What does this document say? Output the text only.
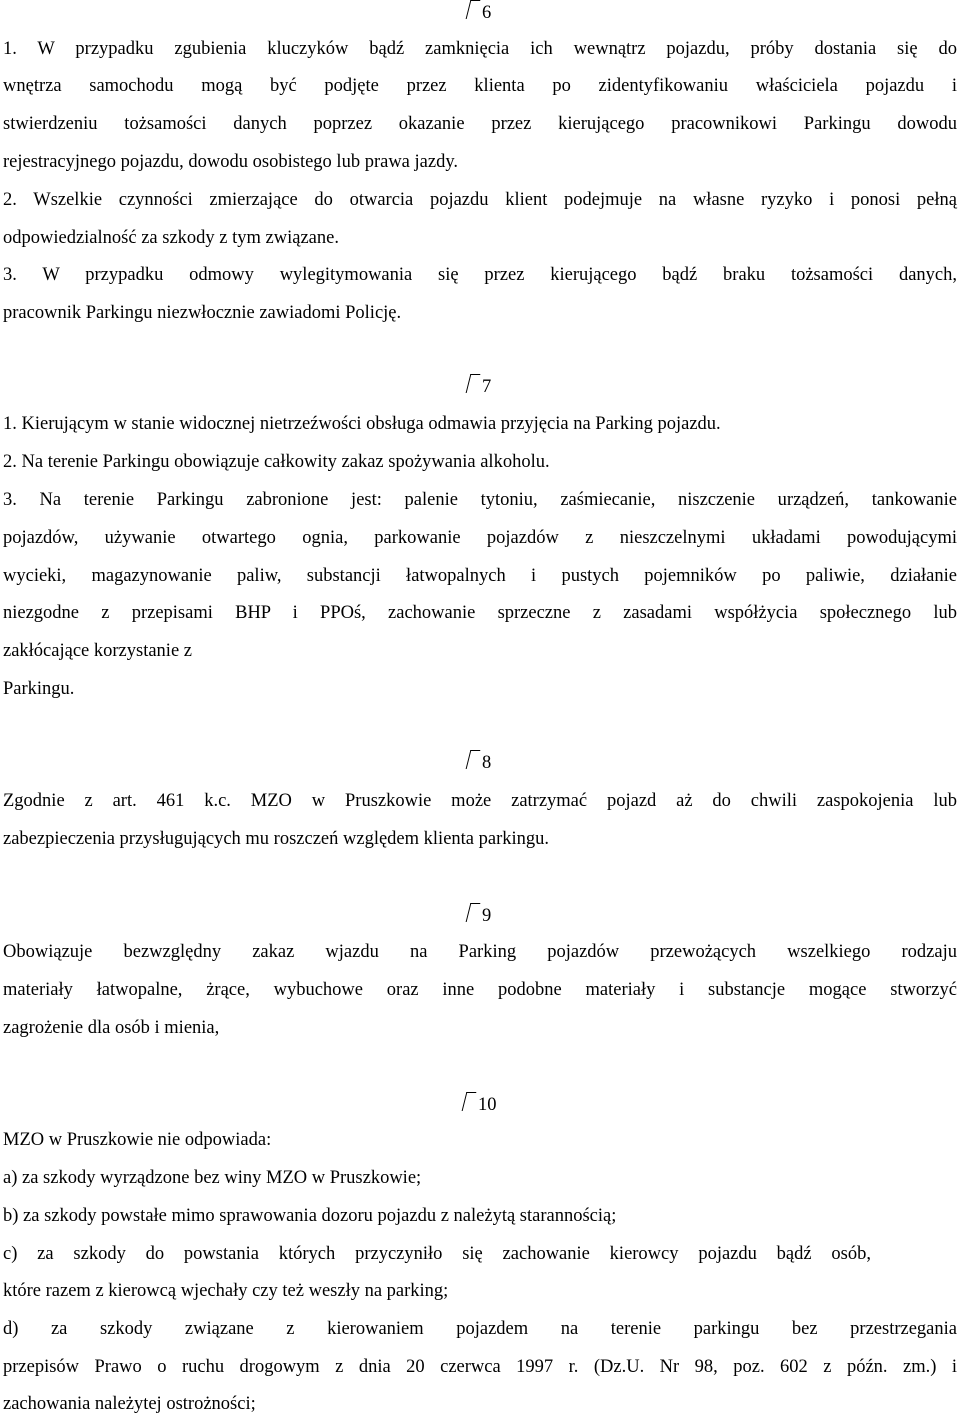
6
1. W przypadku zgubienia kluczyków bądź zamknięcia ich wewnątrz pojazdu, próby dostania się do
wnętrza samochodu mogą być podjęte przez klienta po zidentyfikowaniu właściciela pojazdu i
stwierdzeniu tożsamości danych poprzez okazanie przez kierującego pracownikowi Parkingu dowodu
rejestracyjnego pojazdu, dowodu osobistego lub prawa jazdy.
2. Wszelkie czynności zmierzające do otwarcia pojazdu klient podejmuje na własne ryzyko i ponosi pełną
odpowiedzialność za szkody z tym związane.
3. W przypadku odmowy wylegitymowania się przez kierującego bądź braku tożsamości danych,
pracownik Parkingu niezwłocznie zawiadomi Policję.
7
1. Kierującym w stanie widocznej nietrzeźwości obsługa odmawia przyjęcia na Parking pojazdu.
2. Na terenie Parkingu obowiązuje całkowity zakaz spożywania alkoholu.
3. Na terenie Parkingu zabronione jest: palenie tytoniu, zaśmiecanie, niszczenie urządzeń, tankowanie
pojazdów, używanie otwartego ognia, parkowanie pojazdów z nieszczelnymi układami powodującymi
wycieki, magazynowanie paliw, substancji łatwopalnych i pustych pojemników po paliwie, działanie
niezgodne z przepisami BHP i PPOś, zachowanie sprzeczne z zasadami współżycia społecznego lub
zakłócające korzystanie z
Parkingu.
8
Zgodnie z art. 461 k.c. MZO w Pruszkowie może zatrzymać pojazd aż do chwili zaspokojenia lub
zabezpieczenia przysługujących mu roszczeń względem klienta parkingu.
9
Obowiązuje bezwzględny zakaz wjazdu na Parking pojazdów przewożących wszelkiego rodzaju
materiały łatwopalne, żrące, wybuchowe oraz inne podobne materiały i substancje mogące stworzyć
zagrożenie dla osób i mienia,
10
MZO w Pruszkowie nie odpowiada:
a) za szkody wyrządzone bez winy MZO w Pruszkowie;
b) za szkody powstałe mimo sprawowania dozoru pojazdu z należytą starannością;
c) za szkody do powstania których przyczyniło się zachowanie kierowcy pojazdu bądź osób,
które razem z kierowcą wjechały czy też weszły na parking;
d) za szkody związane z kierowaniem pojazdem na terenie parkingu bez przestrzegania
przepisów Prawo o ruchu drogowym z dnia 20 czerwca 1997 r. (Dz.U. Nr 98, poz. 602 z późn. zm.) i
zachowania należytej ostrożności;
